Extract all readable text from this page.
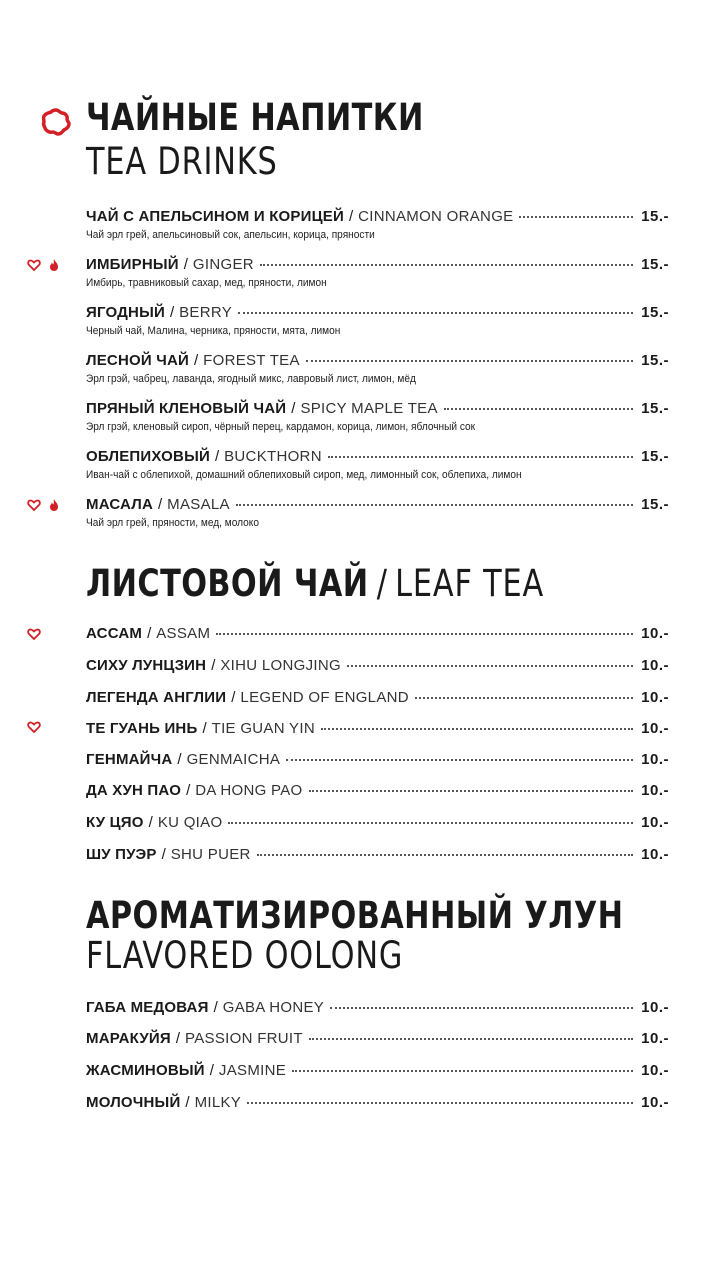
ЧАЙНЫЕ НАПИТКИ
TEA DRINKS
ЧАЙ С АПЕЛЬСИНОМ И КОРИЦЕЙ / CINNAMON ORANGE	15.-
Чай эрл грей, апельсиновый сок, апельсин, корица, пряности
ИМБИРНЫЙ / GINGER	15.-
Имбирь, травниковый сахар, мед, пряности, лимон
ЯГОДНЫЙ / BERRY	15.-
Черный чай, Малина, черника, пряности, мята, лимон
ЛЕСНОЙ ЧАЙ / FOREST TEA	15.-
Эрл грэй, чабрец, лаванда, ягодный микс, лавровый лист, лимон, мёд
ПРЯНЫЙ КЛЕНОВЫЙ ЧАЙ / SPICY MAPLE TEA	15.-
Эрл грэй, кленовый сироп, чёрный перец, кардамон, корица, лимон, яблочный сок
ОБЛЕПИХОВЫЙ / BUCKTHORN	15.-
Иван-чай с облепихой, домашний облепиховый сироп, мед, лимонный сок, облепиха, лимон
МАСАЛА / MASALA	15.-
Чай эрл грей, пряности, мед, молоко
ЛИСТОВОЙ ЧАЙ / LEAF TEA
АССАМ / ASSAM	10.-
СИХУ ЛУНЦЗИН / XIHU LONGJING	10.-
ЛЕГЕНДА АНГЛИИ / LEGEND OF ENGLAND	10.-
ТЕ ГУАНЬ ИНЬ / TIE GUAN YIN	10.-
ГЕНМАЙЧА / GENMAICHA	10.-
ДА ХУН ПАО / DA HONG PAO	10.-
КУ ЦЯО / KU QIAO	10.-
ШУ ПУЭР / SHU PUER	10.-
АРОМАТИЗИРОВАННЫЙ УЛУН
FLAVORED OOLONG
ГАБА МЕДОВАЯ / GABA HONEY	10.-
МАРАКУЙЯ / PASSION FRUIT	10.-
ЖАСМИНОВЫЙ / JASMINE	10.-
МОЛОЧНЫЙ / MILKY	10.-
